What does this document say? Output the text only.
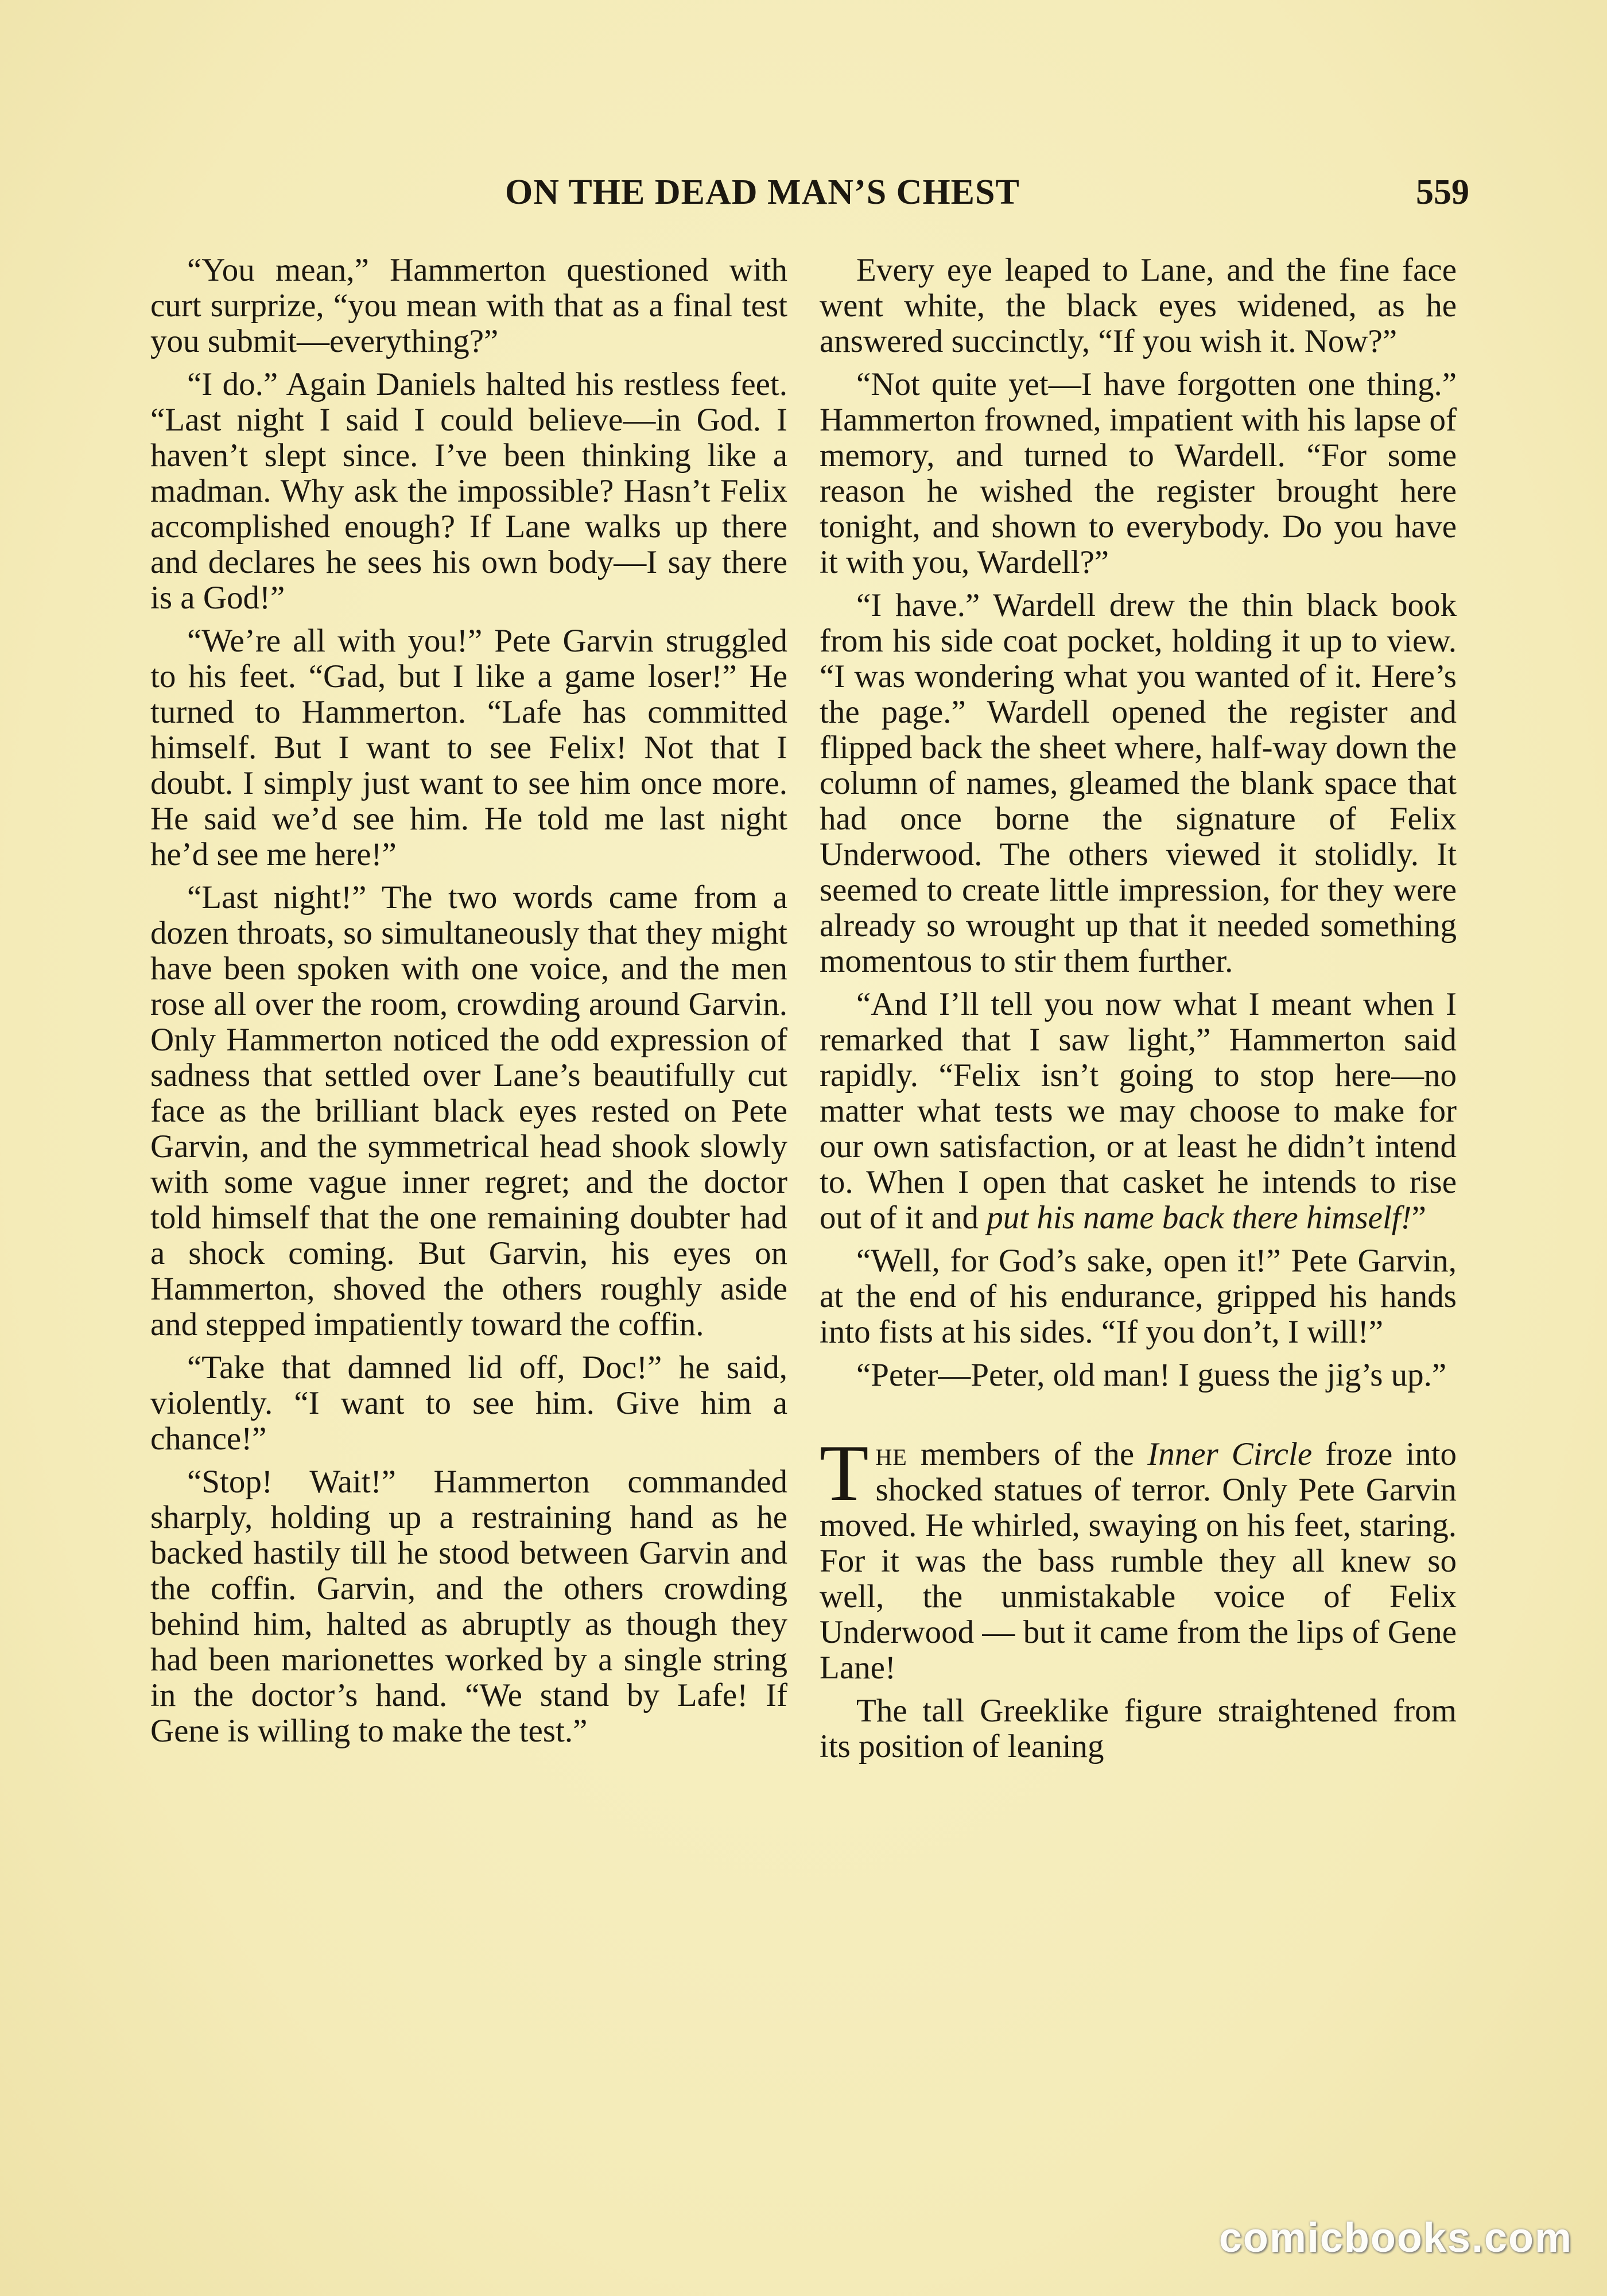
ON THE DEAD MAN’S CHEST	559

“You mean,” Hammerton questioned with curt surprize, “you mean with that as a final test you submit—everything?”

“I do.” Again Daniels halted his restless feet. “Last night I said I could believe—in God. I haven’t slept since. I’ve been thinking like a madman. Why ask the impossible? Hasn’t Felix accomplished enough? If Lane walks up there and declares he sees his own body—I say there is a God!”

“We’re all with you!” Pete Garvin struggled to his feet. “Gad, but I like a game loser!” He turned to Hammerton. “Lafe has committed himself. But I want to see Felix! Not that I doubt. I simply just want to see him once more. He said we’d see him. He told me last night he’d see me here!”

“Last night!” The two words came from a dozen throats, so simultaneously that they might have been spoken with one voice, and the men rose all over the room, crowding around Garvin. Only Hammerton noticed the odd expression of sadness that settled over Lane’s beautifully cut face as the brilliant black eyes rested on Pete Garvin, and the symmetrical head shook slowly with some vague inner regret; and the doctor told himself that the one remaining doubter had a shock coming. But Garvin, his eyes on Hammerton, shoved the others roughly aside and stepped impatiently toward the coffin.

“Take that damned lid off, Doc!” he said, violently. “I want to see him. Give him a chance!”

“Stop! Wait!” Hammerton commanded sharply, holding up a restraining hand as he backed hastily till he stood between Garvin and the coffin. Garvin, and the others crowding behind him, halted as abruptly as though they had been marionettes worked by a single string in the doctor’s hand. “We stand by Lafe! If Gene is willing to make the test.”

Every eye leaped to Lane, and the fine face went white, the black eyes widened, as he answered succinctly, “If you wish it. Now?”

“Not quite yet—I have forgotten one thing.” Hammerton frowned, impatient with his lapse of memory, and turned to Wardell. “For some reason he wished the register brought here tonight, and shown to everybody. Do you have it with you, Wardell?”

“I have.” Wardell drew the thin black book from his side coat pocket, holding it up to view. “I was wondering what you wanted of it. Here’s the page.” Wardell opened the register and flipped back the sheet where, half-way down the column of names, gleamed the blank space that had once borne the signature of Felix Underwood. The others viewed it stolidly. It seemed to create little impression, for they were already so wrought up that it needed something momentous to stir them further.

“And I’ll tell you now what I meant when I remarked that I saw light,” Hammerton said rapidly. “Felix isn’t going to stop here—no matter what tests we may choose to make for our own satisfaction, or at least he didn’t intend to. When I open that casket he intends to rise out of it and put his name back there himself!”

“Well, for God’s sake, open it!” Pete Garvin, at the end of his endurance, gripped his hands into fists at his sides. “If you don’t, I will!”

“Peter—Peter, old man! I guess the jig’s up.”

The members of the Inner Circle froze into shocked statues of terror. Only Pete Garvin moved. He whirled, swaying on his feet, staring. For it was the bass rumble they all knew so well, the unmistakable voice of Felix Underwood — but it came from the lips of Gene Lane!

The tall Greeklike figure straightened from its position of leaning

comicbooks.com
